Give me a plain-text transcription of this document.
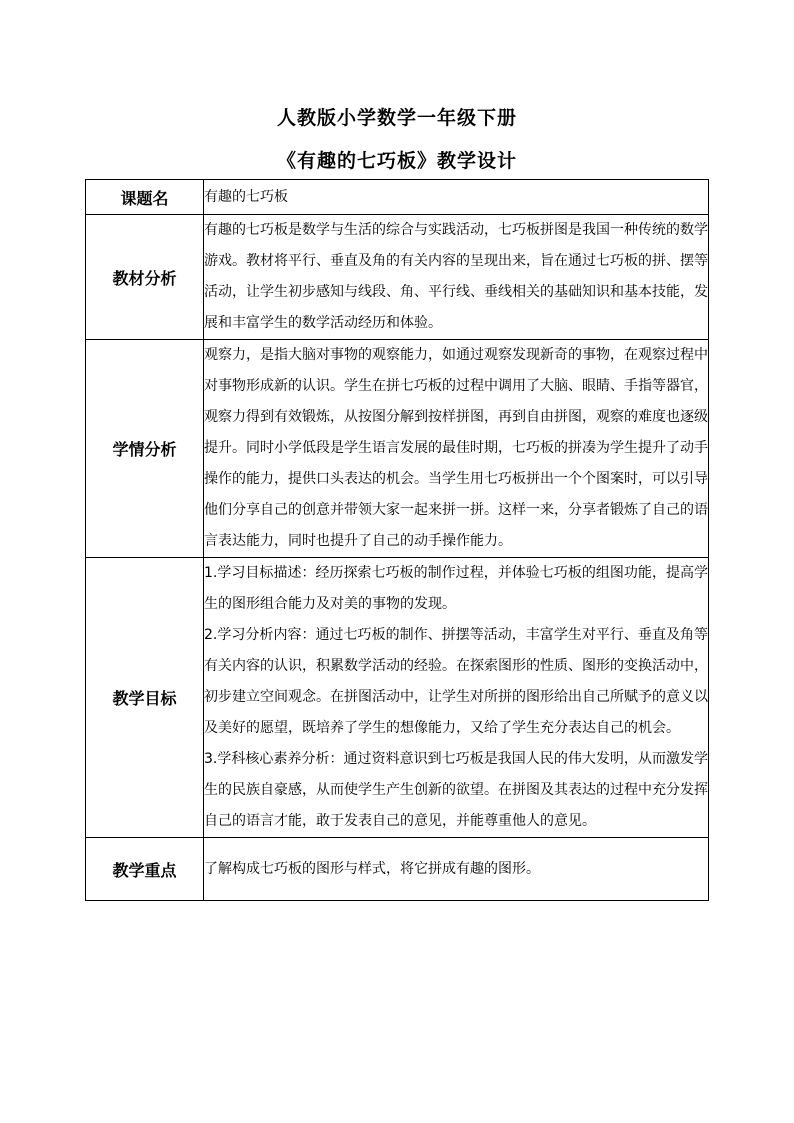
人教版小学数学一年级下册
《有趣的七巧板》教学设计
课题名	有趣的七巧板

教材分析	有趣的七巧板是数学与生活的综合与实践活动，七巧板拼图是我国一种传统的数学游戏。教材将平行、垂直及角的有关内容的呈现出来，旨在通过七巧板的拼、摆等活动，让学生初步感知与线段、角、平行线、垂线相关的基础知识和基本技能，发展和丰富学生的数学活动经历和体验。

学情分析	观察力，是指大脑对事物的观察能力，如通过观察发现新奇的事物，在观察过程中对事物形成新的认识。学生在拼七巧板的过程中调用了大脑、眼睛、手指等器官，观察力得到有效锻炼，从按图分解到按样拼图，再到自由拼图，观察的难度也逐级提升。同时小学低段是学生语言发展的最佳时期，七巧板的拼凑为学生提升了动手操作的能力，提供口头表达的机会。当学生用七巧板拼出一个个图案时，可以引导他们分享自己的创意并带领大家一起来拼一拼。这样一来，分享者锻炼了自己的语言表达能力，同时也提升了自己的动手操作能力。

教学目标	1.学习目标描述：经历探索七巧板的制作过程，并体验七巧板的组图功能，提高学生的图形组合能力及对美的事物的发现。

2.学习分析内容：通过七巧板的制作、拼摆等活动，丰富学生对平行、垂直及角等有关内容的认识，积累数学活动的经验。在探索图形的性质、图形的变换活动中，初步建立空间观念。在拼图活动中，让学生对所拼的图形给出自己所赋予的意义以及美好的愿望，既培养了学生的想像能力，又给了学生充分表达自己的机会。

3.学科核心素养分析：通过资料意识到七巧板是我国人民的伟大发明，从而激发学生的民族自豪感，从而使学生产生创新的欲望。在拼图及其表达的过程中充分发挥自己的语言才能，敢于发表自己的意见，并能尊重他人的意见。

教学重点	了解构成七巧板的图形与样式，将它拼成有趣的图形。
